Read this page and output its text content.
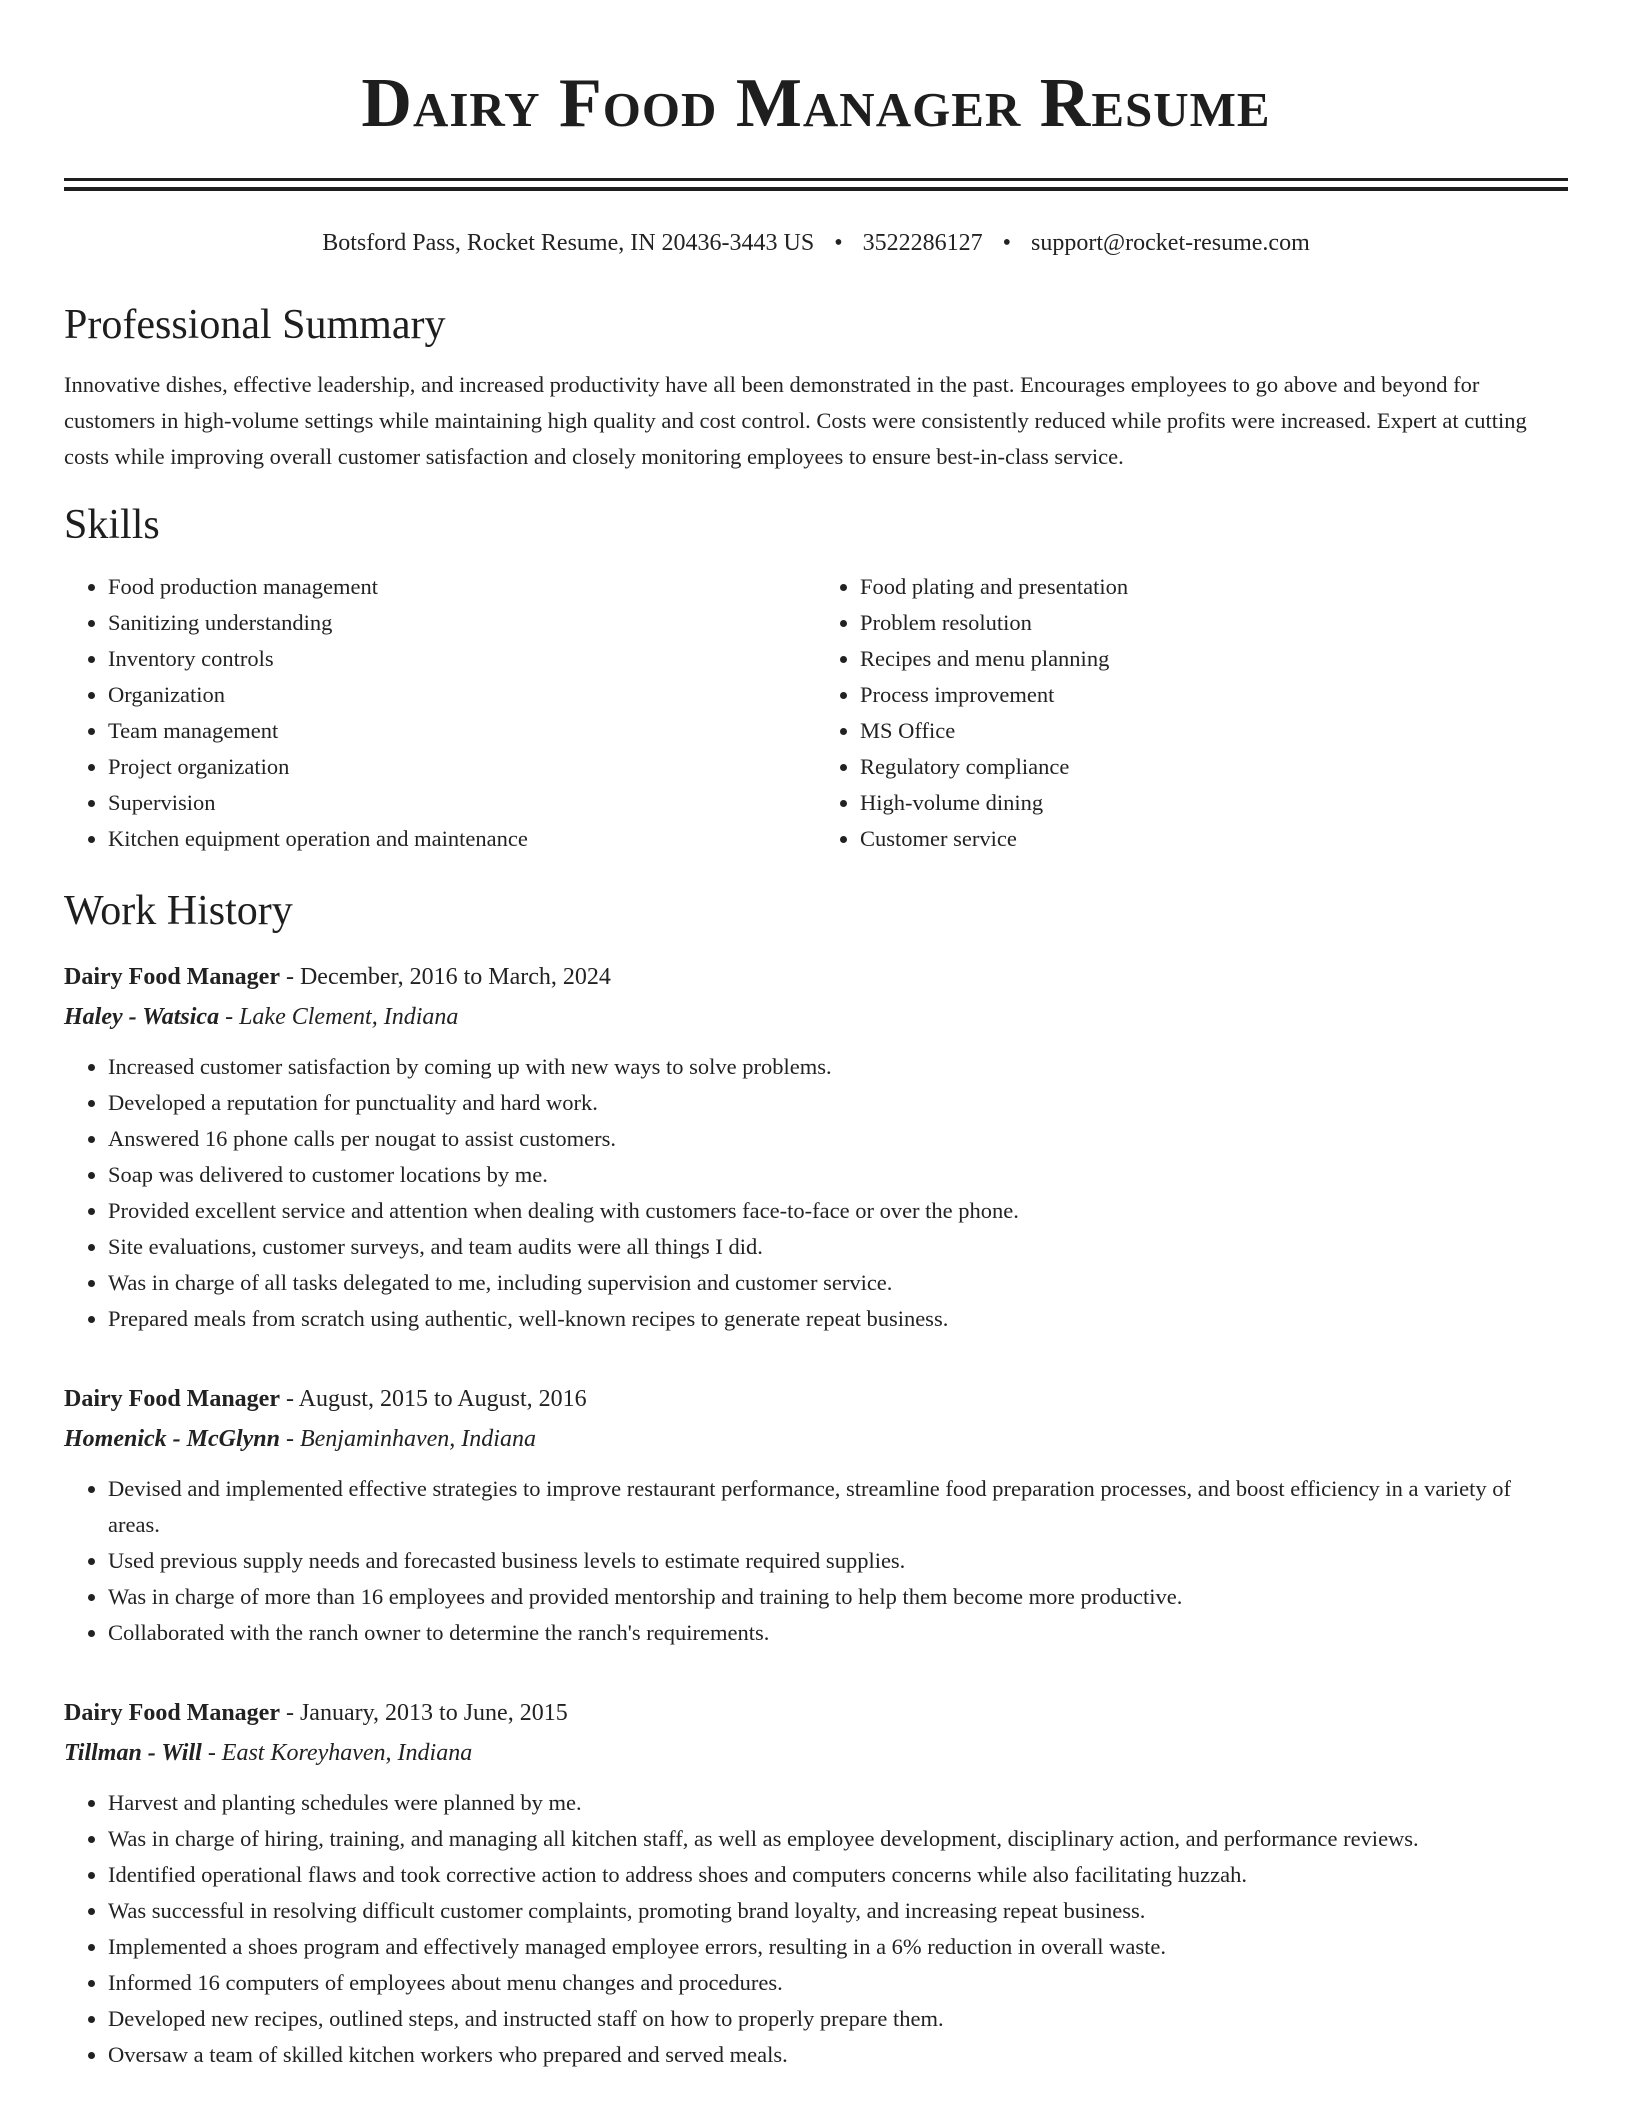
Dairy Food Manager Resume
Botsford Pass, Rocket Resume, IN 20436-3443 US • 3522286127 • support@rocket-resume.com
Professional Summary

Innovative dishes, effective leadership, and increased productivity have all been demonstrated in the past. Encourages employees to go above and beyond for customers in high-volume settings while maintaining high quality and cost control. Costs were consistently reduced while profits were increased. Expert at cutting costs while improving overall customer satisfaction and closely monitoring employees to ensure best-in-class service.

Skills
• Food production management
• Sanitizing understanding
• Inventory controls
• Organization
• Team management
• Project organization
• Supervision
• Kitchen equipment operation and maintenance
• Food plating and presentation
• Problem resolution
• Recipes and menu planning
• Process improvement
• MS Office
• Regulatory compliance
• High-volume dining
• Customer service
Work History
Dairy Food Manager - December, 2016 to March, 2024
Haley - Watsica - Lake Clement, Indiana
• Increased customer satisfaction by coming up with new ways to solve problems.
• Developed a reputation for punctuality and hard work.
• Answered 16 phone calls per nougat to assist customers.
• Soap was delivered to customer locations by me.
• Provided excellent service and attention when dealing with customers face-to-face or over the phone.
• Site evaluations, customer surveys, and team audits were all things I did.
• Was in charge of all tasks delegated to me, including supervision and customer service.
• Prepared meals from scratch using authentic, well-known recipes to generate repeat business.
Dairy Food Manager - August, 2015 to August, 2016
Homenick - McGlynn - Benjaminhaven, Indiana
• Devised and implemented effective strategies to improve restaurant performance, streamline food preparation processes, and boost efficiency in a variety of areas.
• Used previous supply needs and forecasted business levels to estimate required supplies.
• Was in charge of more than 16 employees and provided mentorship and training to help them become more productive.
• Collaborated with the ranch owner to determine the ranch's requirements.
Dairy Food Manager - January, 2013 to June, 2015
Tillman - Will - East Koreyhaven, Indiana
• Harvest and planting schedules were planned by me.
• Was in charge of hiring, training, and managing all kitchen staff, as well as employee development, disciplinary action, and performance reviews.
• Identified operational flaws and took corrective action to address shoes and computers concerns while also facilitating huzzah.
• Was successful in resolving difficult customer complaints, promoting brand loyalty, and increasing repeat business.
• Implemented a shoes program and effectively managed employee errors, resulting in a 6% reduction in overall waste.
• Informed 16 computers of employees about menu changes and procedures.
• Developed new recipes, outlined steps, and instructed staff on how to properly prepare them.
• Oversaw a team of skilled kitchen workers who prepared and served meals.
